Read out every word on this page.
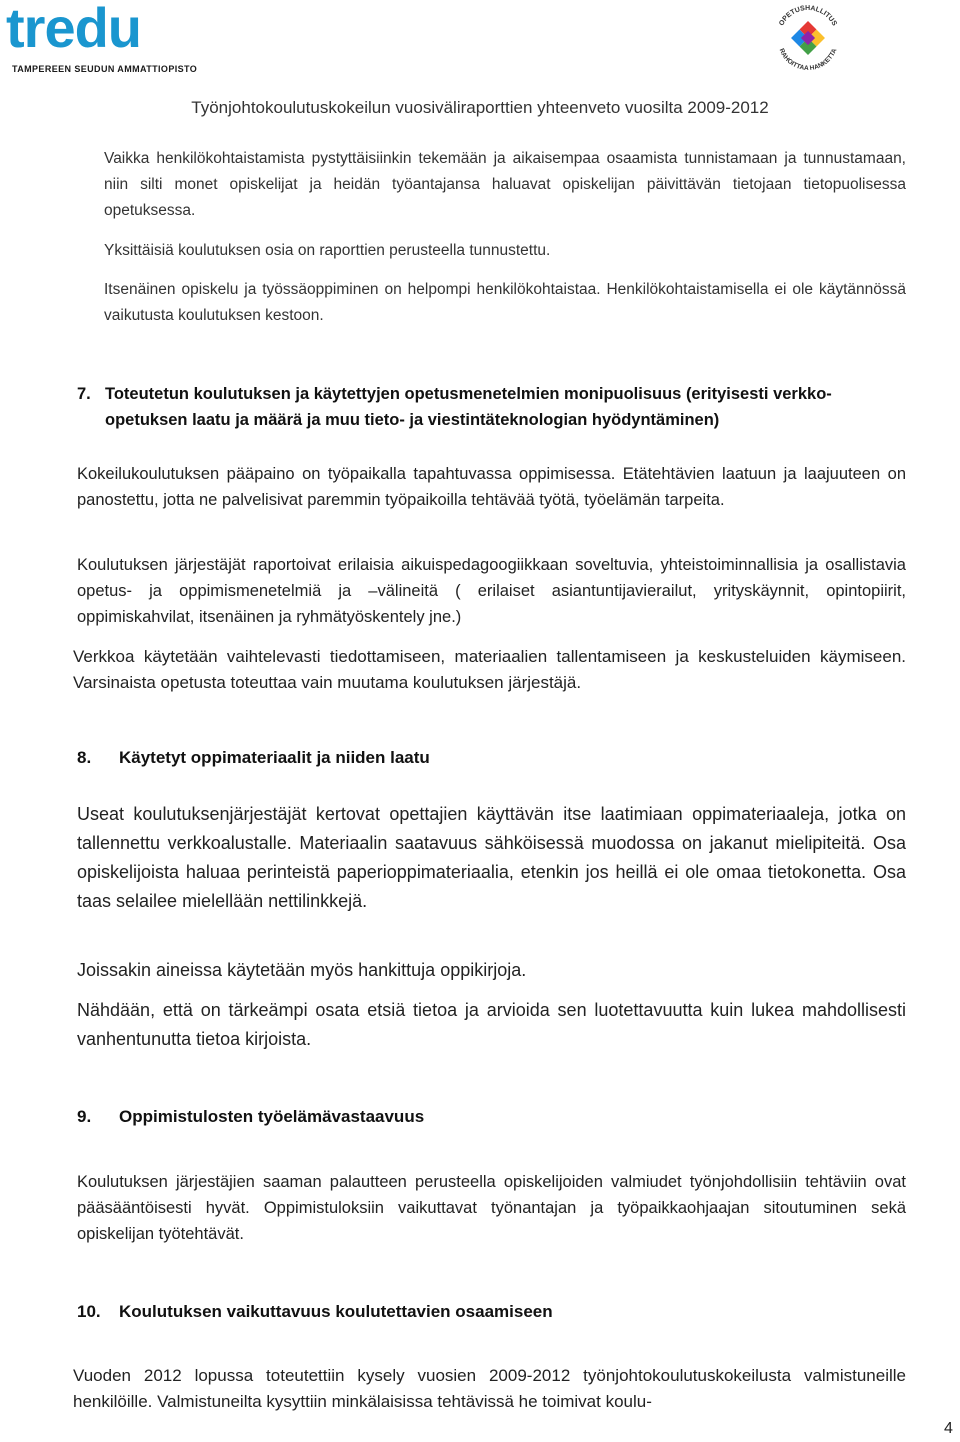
tredu
TAMPEREEN SEUDUN AMMATTIOPISTO
OPETUSHALLITUS
RAHOITTAA HANKETTA
Työnjohtokoulutuskokeilun vuosiväliraporttien yhteenveto vuosilta 2009-2012

Vaikka henkilökohtaistamista pystyttäisiinkin tekemään ja aikaisempaa osaamista tunnistamaan ja tunnustamaan, niin silti monet opiskelijat ja heidän työantajansa haluavat opiskelijan päivittävän tietojaan tietopuolisessa opetuksessa.

Yksittäisiä koulutuksen osia on raporttien perusteella tunnustettu.

Itsenäinen opiskelu ja työssäoppiminen on helpompi henkilökohtaistaa. Henkilökohtaistamisella ei ole käytännössä vaikutusta koulutuksen kestoon.

7. Toteutetun koulutuksen ja käytettyjen opetusmenetelmien monipuolisuus (erityisesti verkko-opetuksen laatu ja määrä ja muu tieto- ja viestintäteknologian hyödyntäminen)

Kokeilukoulutuksen pääpaino on työpaikalla tapahtuvassa oppimisessa. Etätehtävien laatuun ja laajuuteen on panostettu, jotta ne palvelisivat paremmin työpaikoilla tehtävää työtä, työelämän tarpeita.

Koulutuksen järjestäjät raportoivat erilaisia aikuispedagoogiikkaan soveltuvia, yhteistoiminnallisia ja osallistavia opetus- ja oppimismenetelmiä ja –välineitä ( erilaiset asiantuntijavierailut, yrityskäynnit, opintopiirit, oppimiskahvilat, itsenäinen ja ryhmätyöskentely jne.)

Verkkoa käytetään vaihtelevasti tiedottamiseen, materiaalien tallentamiseen ja keskusteluiden käymiseen. Varsinaista opetusta toteuttaa vain muutama koulutuksen järjestäjä.

8. Käytetyt oppimateriaalit ja niiden laatu

Useat koulutuksenjärjestäjät kertovat opettajien käyttävän itse laatimiaan oppimateriaaleja, jotka on tallennettu verkkoalustalle. Materiaalin saatavuus sähköisessä muodossa on jakanut mielipiteitä. Osa opiskelijoista haluaa perinteistä paperioppimateriaalia, etenkin jos heillä ei ole omaa tietokonetta. Osa taas selailee mielellään nettilinkkejä.

Joissakin aineissa käytetään myös hankittuja oppikirjoja.

Nähdään, että on tärkeämpi osata etsiä tietoa ja arvioida sen luotettavuutta kuin lukea mahdollisesti vanhentunutta tietoa kirjoista.

9. Oppimistulosten työelämävastaavuus

Koulutuksen järjestäjien saaman palautteen perusteella opiskelijoiden valmiudet työnjohdollisiin tehtäviin ovat pääsääntöisesti hyvät. Oppimistuloksiin vaikuttavat työnantajan ja työpaikkaohjaajan sitoutuminen sekä opiskelijan työtehtävät.

10. Koulutuksen vaikuttavuus koulutettavien osaamiseen

Vuoden 2012 lopussa toteutettiin kysely vuosien 2009-2012 työnjohtokoulutuskokeilusta valmistuneille henkilöille. Valmistuneilta kysyttiin minkälaisissa tehtävissä he toimivat koulu-

4
